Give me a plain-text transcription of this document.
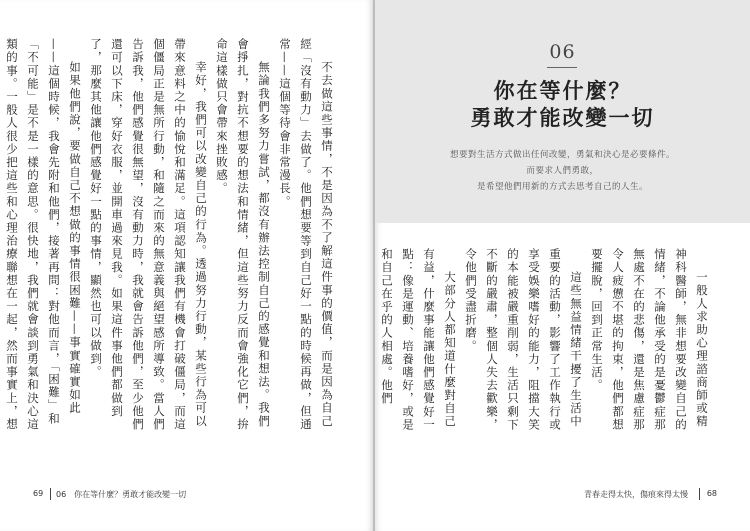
不去做這些事情，不是因為不了解這件事的價值，而是因為自己經「沒有動力」去做了。他們想要等到自己好一點的時候再做，但通常——這個等待會非常漫長。

無論我們多努力嘗試，都沒有辦法控制自己的感覺和想法。我們會掙扎，對抗不想要的想法和情緒，但這些努力反而會強化它們，拚命這樣做只會帶來挫敗感。

幸好，我們可以改變自己的行為。透過努力行動，某些行為可以帶來意料之中的愉悅和滿足。這項認知讓我們有機會打破僵局，而這個僵局正是無所行動，和隨之而來的無意義與絕望感所導致。當人們告訴我，他們感覺很無望，沒有動力時，我就會告訴他們，至少他們還可以下床，穿好衣服，並開車過來見我。如果這件事他們都做到了，那麼其他讓他們感覺好一點的事情，顯然也可以做到。

如果他們說，要做自己不想做的事情很困難——事實確實如此——這個時候，我會先附和他們，接著再問：對他而言，「困難」和「不可能」是不是一樣的意思。很快地，我們就會談到勇氣和決心這類的事。一般人很少把這些和心理治療聯想在一起，然而事實上，想

69 06　你在等什麼？勇敢才能改變一切
06
你在等什麼？
勇敢才能改變一切
想要對生活方式做出任何改變，勇氣和決心是必要條件。
而要求人們勇敢，
是希望他們用新的方式去思考自己的人生。

一般人求助心理諮商師或精神科醫師，無非想要改變自己的情緒，不論他承受的是憂鬱症那無處不在的悲傷，還是焦慮症那令人疲憊不堪的拘束，他們都想要擺脫，回到正常生活。

這些無益情緒干擾了生活中重要的活動，影響了工作執行或享受娛樂嗜好的能力，阻擋大笑的本能被嚴重削弱，生活只剩下不斷的嚴肅，整個人失去歡樂，令他們受盡折磨。

大部分人都知道什麼對自己有益，什麼事能讓他們感覺好一點：像是運動、培養嗜好，或是和自己在乎的人相處。他們

青春走得太快，傷痕來得太慢 68
